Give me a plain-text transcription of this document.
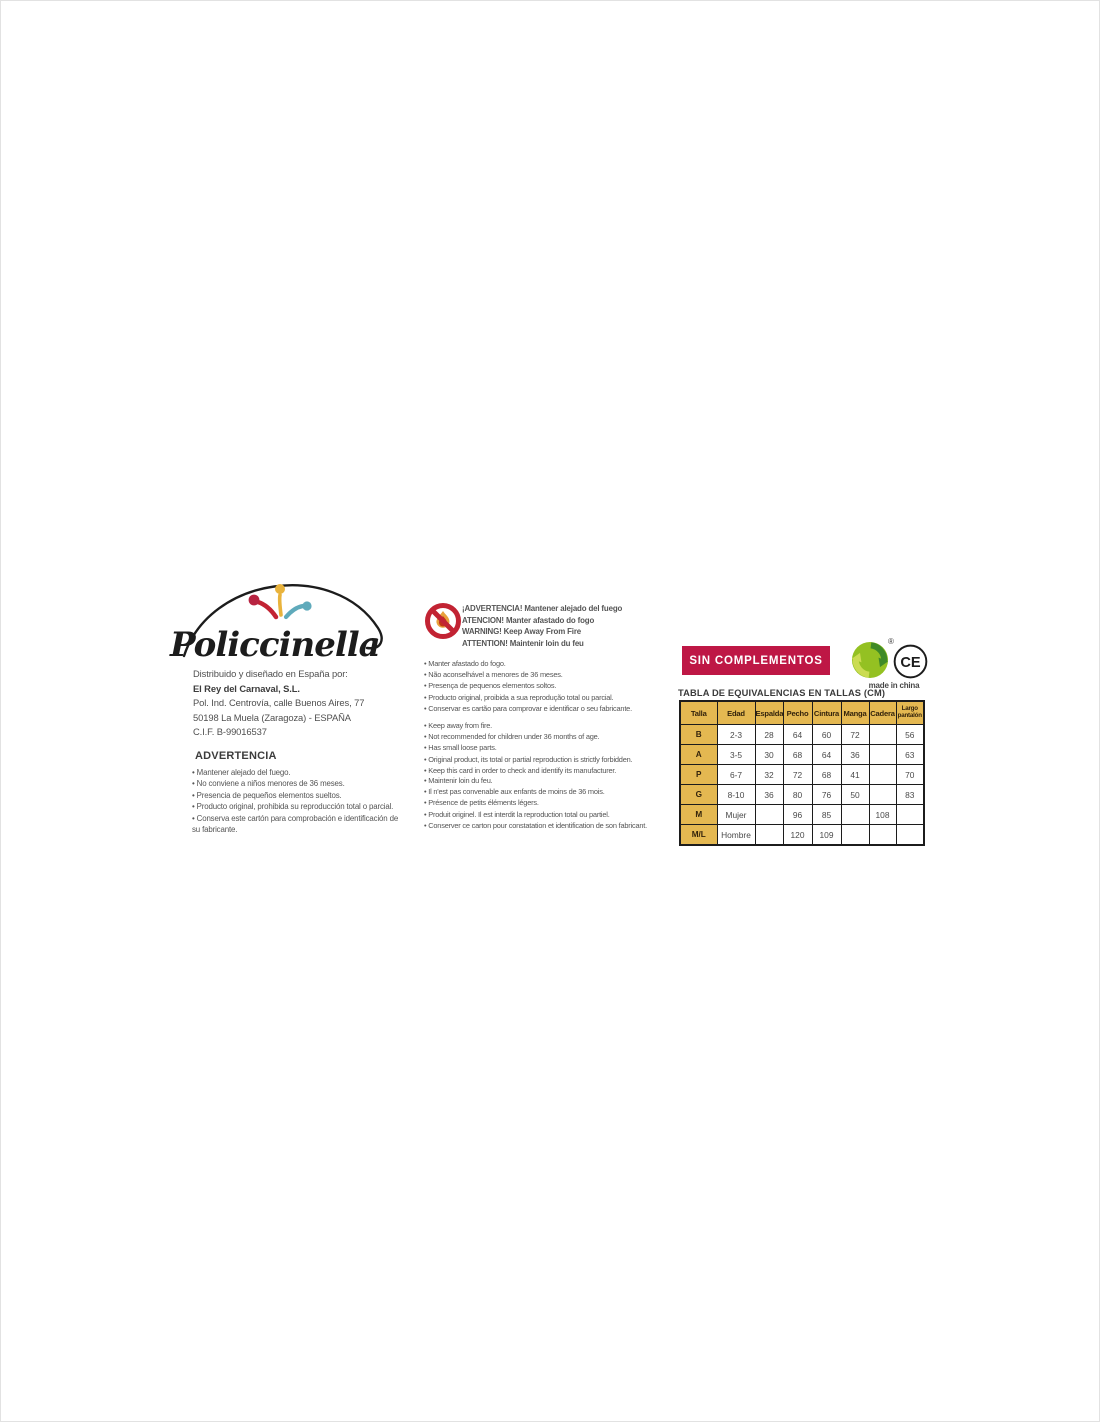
Policcinella
Distribuido y diseñado en España por:
El Rey del Carnaval, S.L.
Pol. Ind. Centrovía, calle Buenos Aires, 77
50198 La Muela (Zaragoza) - ESPAÑA
C.I.F. B-99016537
ADVERTENCIA
• Mantener alejado del fuego.
• No conviene a niños menores de 36 meses.
• Presencia de pequeños elementos sueltos.
• Producto original, prohibida su reproducción total o parcial.
• Conserva este cartón para comprobación e identificación de su fabricante.
¡ADVERTENCIA! Mantener alejado del fuego
ATENCION! Manter afastado do fogo
WARNING! Keep Away From Fire
ATTENTION! Maintenir loin du feu
• Manter afastado do fogo.
• Não aconselhável a menores de 36 meses.
• Presença de pequenos elementos soltos.
• Producto original, proibida a sua reprodução total ou parcial.
• Conservar es cartão para comprovar e identificar o seu fabricante.
• Keep away from fire.
• Not recommended for children under 36 months of age.
• Has small loose parts.
• Original product, its total or partial reproduction is strictly forbidden.
• Keep this card in order to check and identify its manufacturer.
• Maintenir loin du feu.
• Il n'est pas convenable aux enfants de moins de 36 mois.
• Présence de petits éléments légers.
• Produit originel. Il est interdit la reproduction total ou partiel.
• Conserver ce carton pour constatation et identification de son fabricant.
SIN COMPLEMENTOS
®
CE
made in china
TABLA DE EQUIVALENCIAS EN TALLAS (CM)
Talla	Edad	Espalda	Pecho	Cintura	Manga	Cadera	Largo pantalón
B	2-3	28	64	60	72		56
A	3-5	30	68	64	36		63
P	6-7	32	72	68	41		70
G	8-10	36	80	76	50		83
M	Mujer		96	85		108	
M/L	Hombre		120	109			
